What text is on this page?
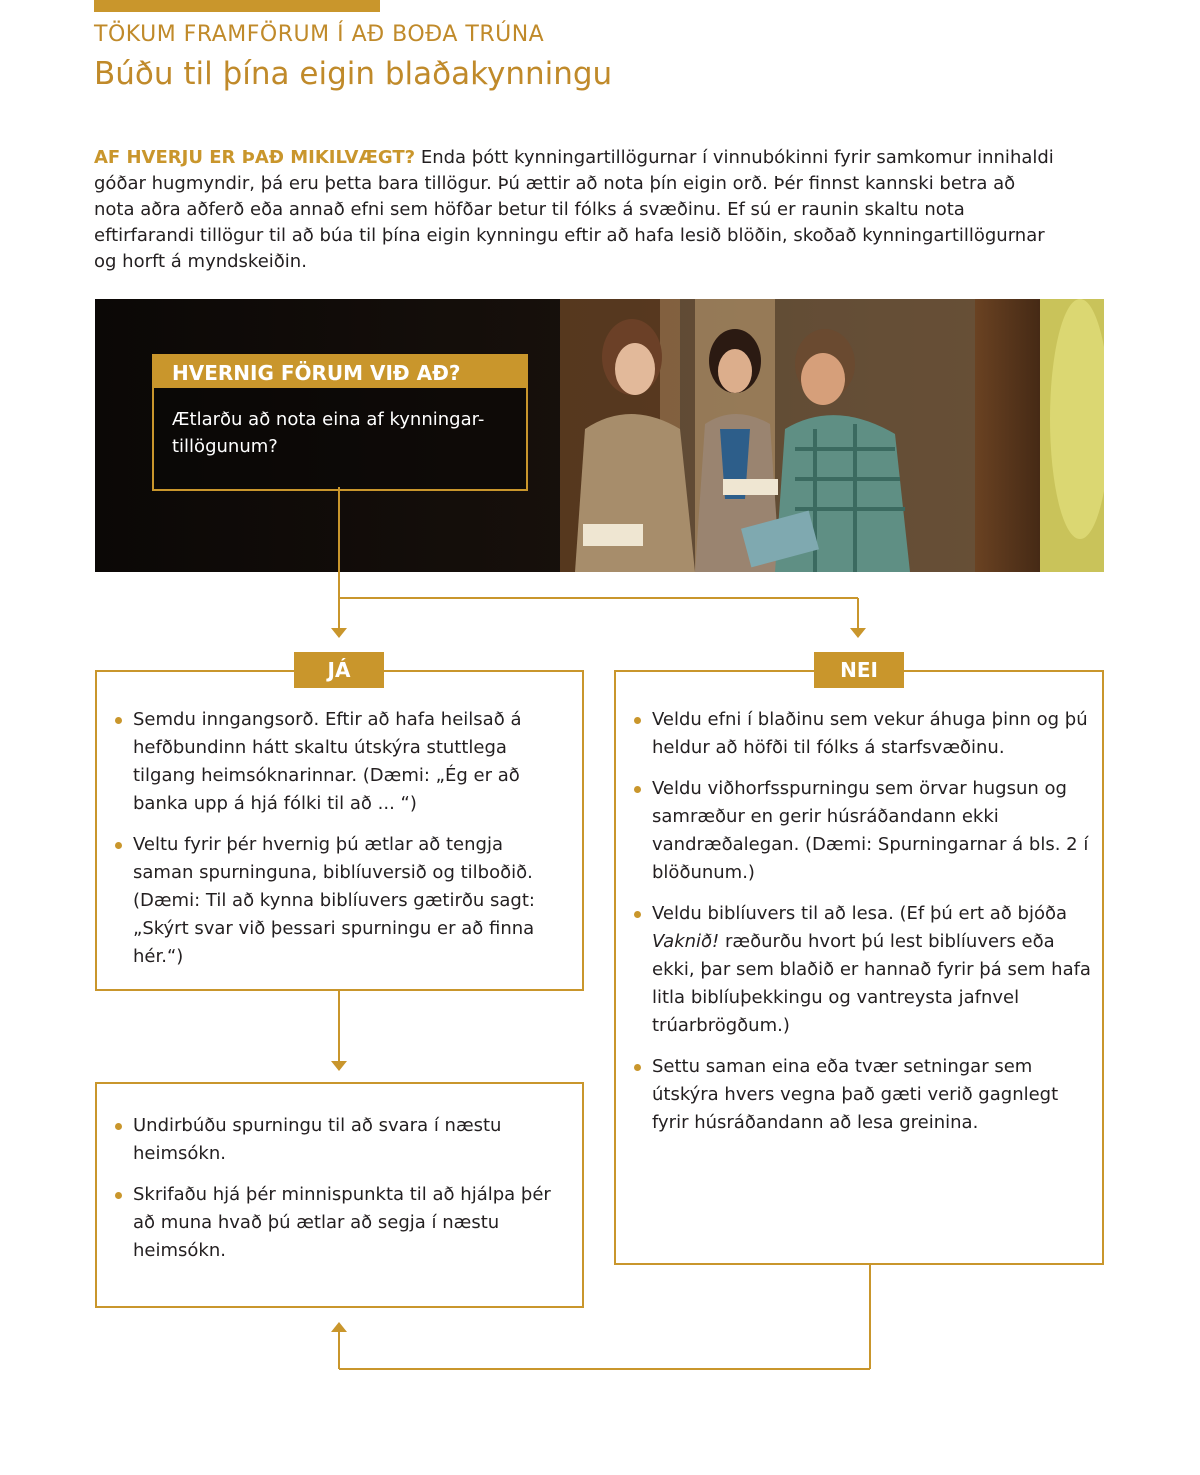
TÖKUM FRAMFÖRUM Í AÐ BOÐA TRÚNA
Búðu til þína eigin blaðakynningu

AF HVERJU ER ÞAÐ MIKILVÆGT? Enda þótt kynningartillögurnar í vinnubókinni fyrir samkomur innihaldi góðar hugmyndir, þá eru þetta bara tillögur. Þú ættir að nota þín eigin orð. Þér finnst kannski betra að nota aðra aðferð eða annað efni sem höfðar betur til fólks á svæðinu. Ef sú er raunin skaltu nota eftirfarandi tillögur til að búa til þína eigin kynningu eftir að hafa lesið blöðin, skoðað kynningartillögurnar og horft á myndskeiðin.

HVERNIG FÖRUM VIÐ AÐ?
Ætlarðu að nota eina af kynningar-tillögunum?
Semdu inngangsorð. Eftir að hafa heilsað á hefðbundinn hátt skaltu útskýra stuttlega tilgang heimsóknarinnar. (Dæmi: „Ég er að banka upp á hjá fólki til að ... “)
Veltu fyrir þér hvernig þú ætlar að tengja saman spurninguna, biblíuversið og tilboðið. (Dæmi: Til að kynna biblíuvers gætirðu sagt: „Skýrt svar við þessari spurningu er að finna hér.“)
JÁ
Veldu efni í blaðinu sem vekur áhuga þinn og þú heldur að höfði til fólks á starfsvæðinu.
Veldu viðhorfsspurningu sem örvar hugsun og samræður en gerir húsráðandann ekki vandræðalegan. (Dæmi: Spurningarnar á bls. 2 í blöðunum.)
Veldu biblíuvers til að lesa. (Ef þú ert að bjóða Vaknið! ræðurðu hvort þú lest biblíuvers eða ekki, þar sem blaðið er hannað fyrir þá sem hafa litla biblíuþekkingu og vantreysta jafnvel trúarbrögðum.)
Settu saman eina eða tvær setningar sem útskýra hvers vegna það gæti verið gagnlegt fyrir húsráðandann að lesa greinina.
NEI
Undirbúðu spurningu til að svara í næstu heimsókn.
Skrifaðu hjá þér minnispunkta til að hjálpa þér að muna hvað þú ætlar að segja í næstu heimsókn.
